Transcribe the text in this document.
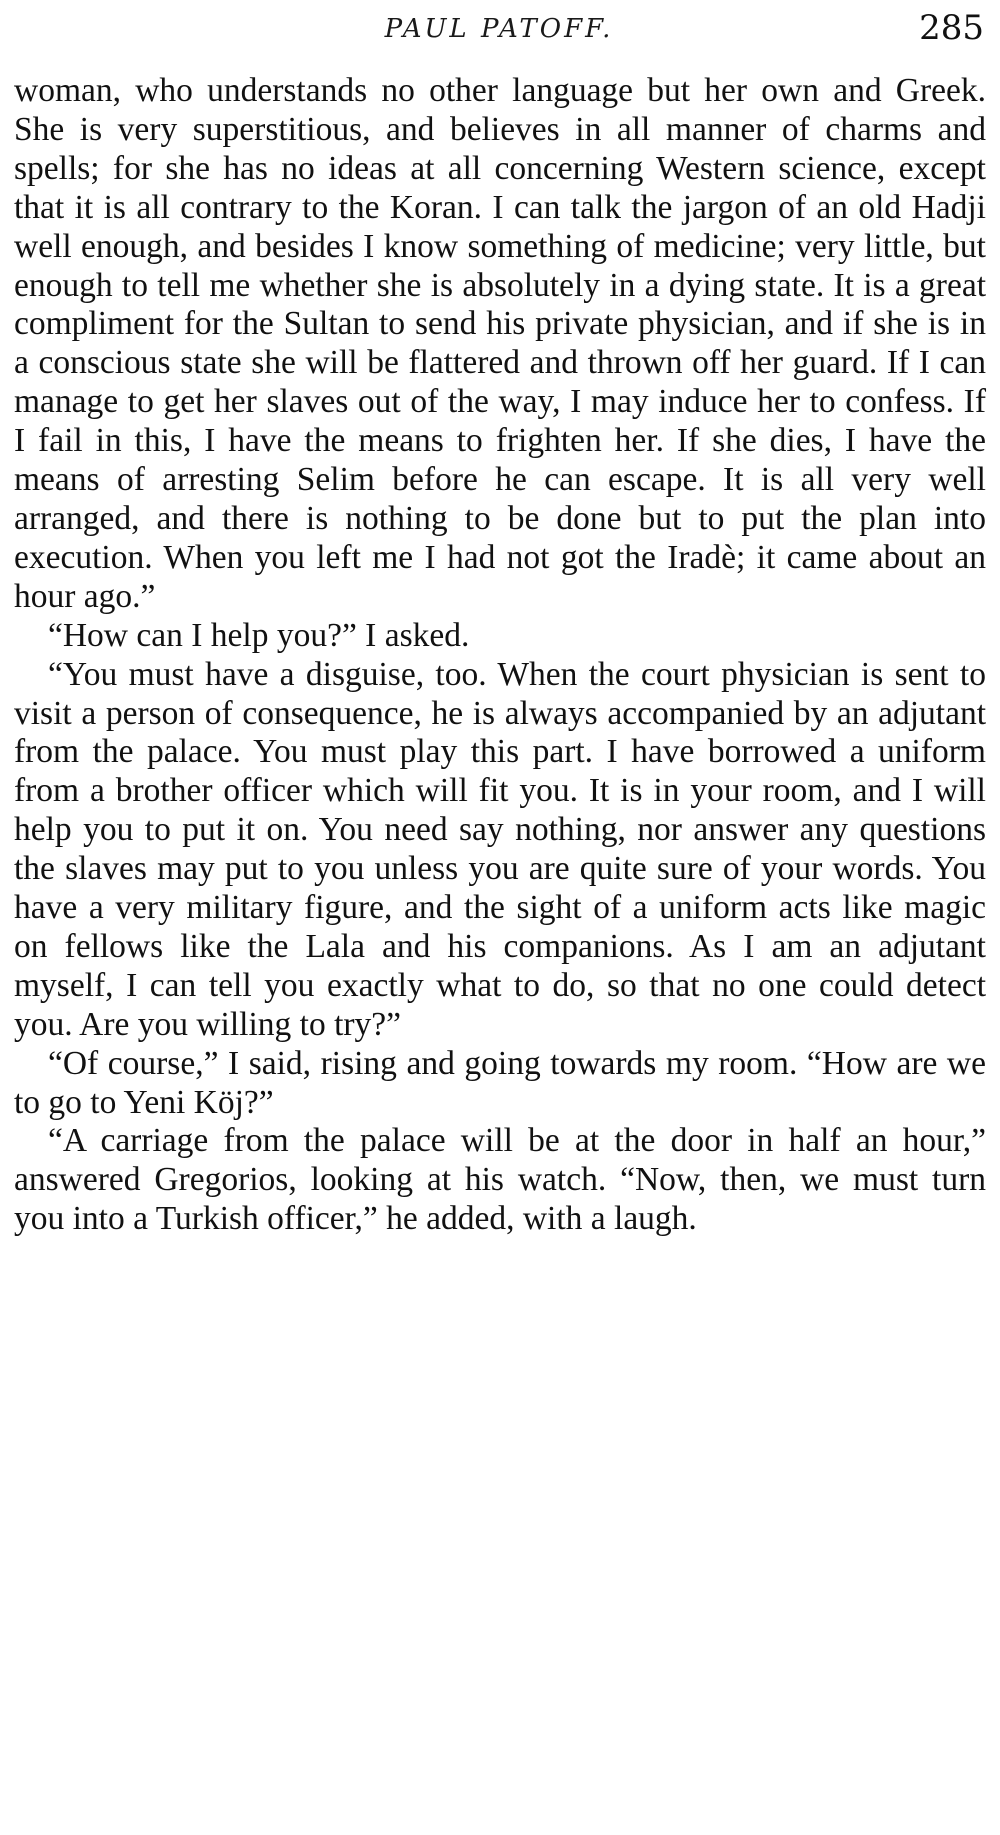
PAUL PATOFF.	285

woman, who understands no other language but her own and Greek. She is very superstitious, and believes in all manner of charms and spells; for she has no ideas at all concerning Western science, except that it is all contrary to the Koran. I can talk the jargon of an old Hadji well enough, and besides I know something of medicine; very little, but enough to tell me whether she is absolutely in a dying state. It is a great compliment for the Sultan to send his private physician, and if she is in a conscious state she will be flattered and thrown off her guard. If I can manage to get her slaves out of the way, I may induce her to confess. If I fail in this, I have the means to frighten her. If she dies, I have the means of arresting Selim before he can escape. It is all very well arranged, and there is nothing to be done but to put the plan into execution. When you left me I had not got the Iradè; it came about an hour ago.”

“How can I help you?” I asked.

“You must have a disguise, too. When the court physician is sent to visit a person of consequence, he is always accompanied by an adjutant from the palace. You must play this part. I have borrowed a uniform from a brother officer which will fit you. It is in your room, and I will help you to put it on. You need say nothing, nor answer any questions the slaves may put to you unless you are quite sure of your words. You have a very military figure, and the sight of a uniform acts like magic on fellows like the Lala and his companions. As I am an adjutant myself, I can tell you exactly what to do, so that no one could detect you. Are you willing to try?”

“Of course,” I said, rising and going towards my room. “How are we to go to Yeni Köj?”

“A carriage from the palace will be at the door in half an hour,” answered Gregorios, looking at his watch. “Now, then, we must turn you into a Turkish officer,” he added, with a laugh.
